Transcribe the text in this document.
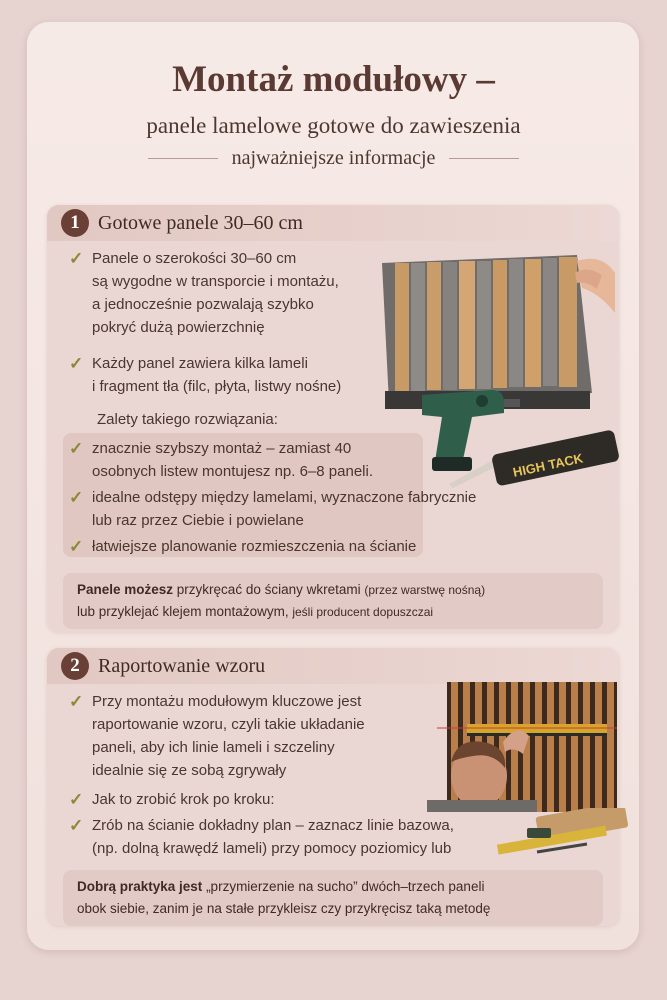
Montaż modułowy –
panele lamelowe gotowe do zawieszenia
najważniejsze informacje
1 Gotowe panele 30–60 cm
HIGH TACK
✓ Panele o szerokości 30–60 cm
są wygodne w transporcie i montażu,
a jednocześnie pozwalają szybko
pokryć dużą powierzchnię
✓ Każdy panel zawiera kilka lameli
i fragment tła (filc, płyta, listwy nośne)
Zalety takiego rozwiązania:
✓ znacznie szybszy montaż – zamiast 40
osobnych listew montujesz np. 6–8 paneli.
✓ idealne odstępy między lamelami, wyznaczone fabrycznie
lub raz przez Ciebie i powielane
✓ łatwiejsze planowanie rozmieszczenia na ścianie
Panele możesz przykręcać do ściany wkretami (przez warstwę nośną)
lub przyklejać klejem montażowym, jeśli producent dopuszczai
2 Raportowanie wzoru
✓ Przy montażu modułowym kluczowe jest
raportowanie wzoru, czyli takie układanie
paneli, aby ich linie lameli i szczeliny
idealnie się ze sobą zgrywały
✓ Jak to zrobić krok po kroku:
✓ Zrób na ścianie dokładny plan – zaznacz linie bazowa,
(np. dolną krawędź lameli) przy pomocy poziomicy lub
Dobrą praktyka jest „przymierzenie na sucho” dwóch–trzech paneli
obok siebie, zanim je na stałe przykleisz czy przykręcisz taką metodę
